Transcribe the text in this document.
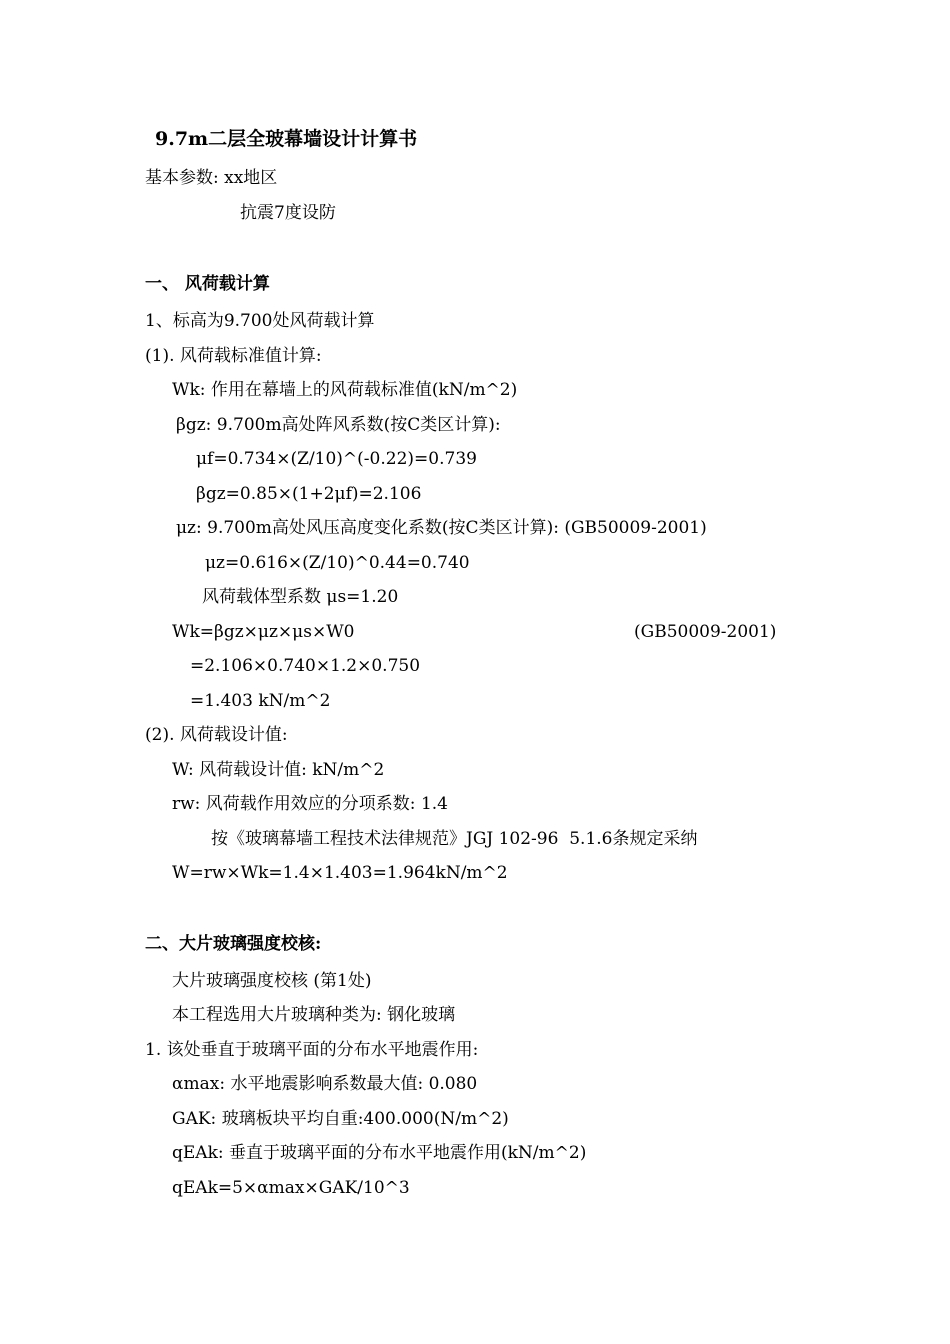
9.7m二层全玻幕墙设计计算书
基本参数: xx地区
抗震7度设防
一、 风荷载计算
1、标高为9.700处风荷载计算
(1). 风荷载标准值计算:
Wk: 作用在幕墙上的风荷载标准值(kN/m^2)
βgz: 9.700m高处阵风系数(按C类区计算):
μf=0.734×(Z/10)^(-0.22)=0.739
βgz=0.85×(1+2μf)=2.106
μz: 9.700m高处风压高度变化系数(按C类区计算): (GB50009-2001)
μz=0.616×(Z/10)^0.44=0.740
风荷载体型系数 μs=1.20
Wk=βgz×μz×μs×W0	(GB50009-2001)
=2.106×0.740×1.2×0.750
=1.403 kN/m^2
(2). 风荷载设计值:
W: 风荷载设计值: kN/m^2
rw: 风荷载作用效应的分项系数: 1.4
按《玻璃幕墙工程技术法律规范》JGJ 102-96  5.1.6条规定采纳
W=rw×Wk=1.4×1.403=1.964kN/m^2
二、大片玻璃强度校核:
大片玻璃强度校核 (第1处)
本工程选用大片玻璃种类为: 钢化玻璃
1. 该处垂直于玻璃平面的分布水平地震作用:
αmax: 水平地震影响系数最大值: 0.080
GAK: 玻璃板块平均自重:400.000(N/m^2)
qEAk: 垂直于玻璃平面的分布水平地震作用(kN/m^2)
qEAk=5×αmax×GAK/10^3
